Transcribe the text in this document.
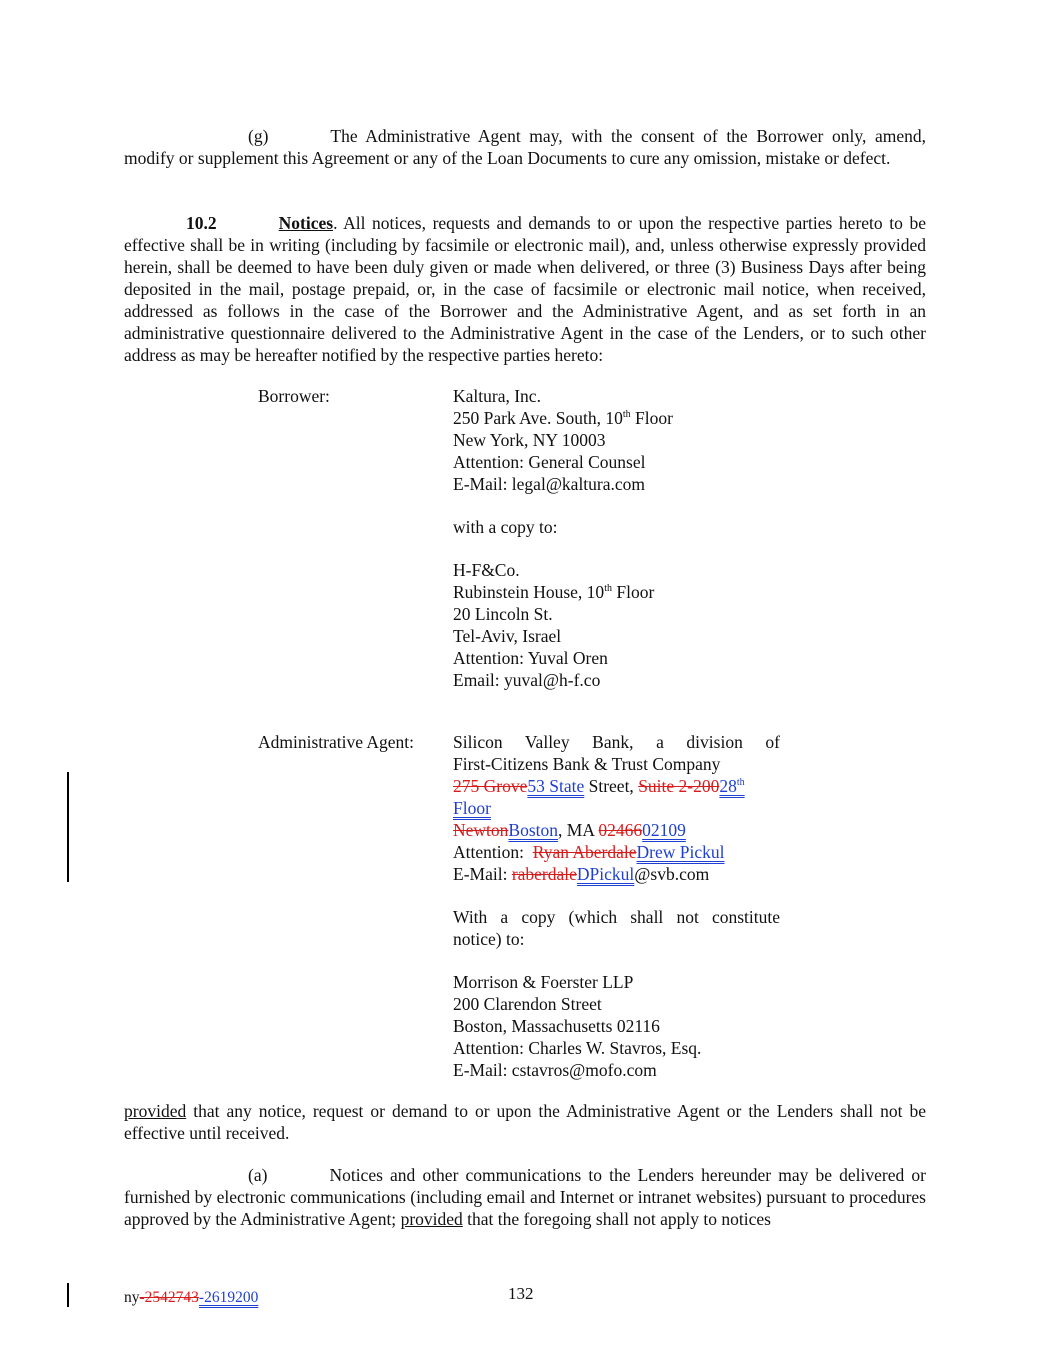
(g)	The Administrative Agent may, with the consent of the Borrower only, amend, modify or supplement this Agreement or any of the Loan Documents to cure any omission, mistake or defect.

10.2	Notices. All notices, requests and demands to or upon the respective parties hereto to be effective shall be in writing (including by facsimile or electronic mail), and, unless otherwise expressly provided herein, shall be deemed to have been duly given or made when delivered, or three (3) Business Days after being deposited in the mail, postage prepaid, or, in the case of facsimile or electronic mail notice, when received, addressed as follows in the case of the Borrower and the Administrative Agent, and as set forth in an administrative questionnaire delivered to the Administrative Agent in the case of the Lenders, or to such other address as may be hereafter notified by the respective parties hereto:

Borrower:	Kaltura, Inc.
250 Park Ave. South, 10th Floor
New York, NY 10003
Attention: General Counsel
E-Mail: legal@kaltura.com
with a copy to:
H-F&Co.
Rubinstein House, 10th Floor
20 Lincoln St.
Tel-Aviv, Israel
Attention: Yuval Oren
Email: yuval@h-f.co
Administrative Agent: Silicon Valley Bank, a division of
First-Citizens Bank & Trust Company
275 Grove53 State Street, Suite 2-20028th
Floor
NewtonBoston, MA 0246602109
Attention:  Ryan AberdaleDrew Pickul
E-Mail: raberdaleDPickul@svb.com
With a copy (which shall not constitute
notice) to:
Morrison & Foerster LLP
200 Clarendon Street
Boston, Massachusetts 02116
Attention: Charles W. Stavros, Esq.
E-Mail: cstavros@mofo.com

provided that any notice, request or demand to or upon the Administrative Agent or the Lenders shall not be effective until received.

(a)	Notices and other communications to the Lenders hereunder may be delivered or furnished by electronic communications (including email and Internet or intranet websites) pursuant to procedures approved by the Administrative Agent; provided that the foregoing shall not apply to notices

ny-2542743-2619200	132
